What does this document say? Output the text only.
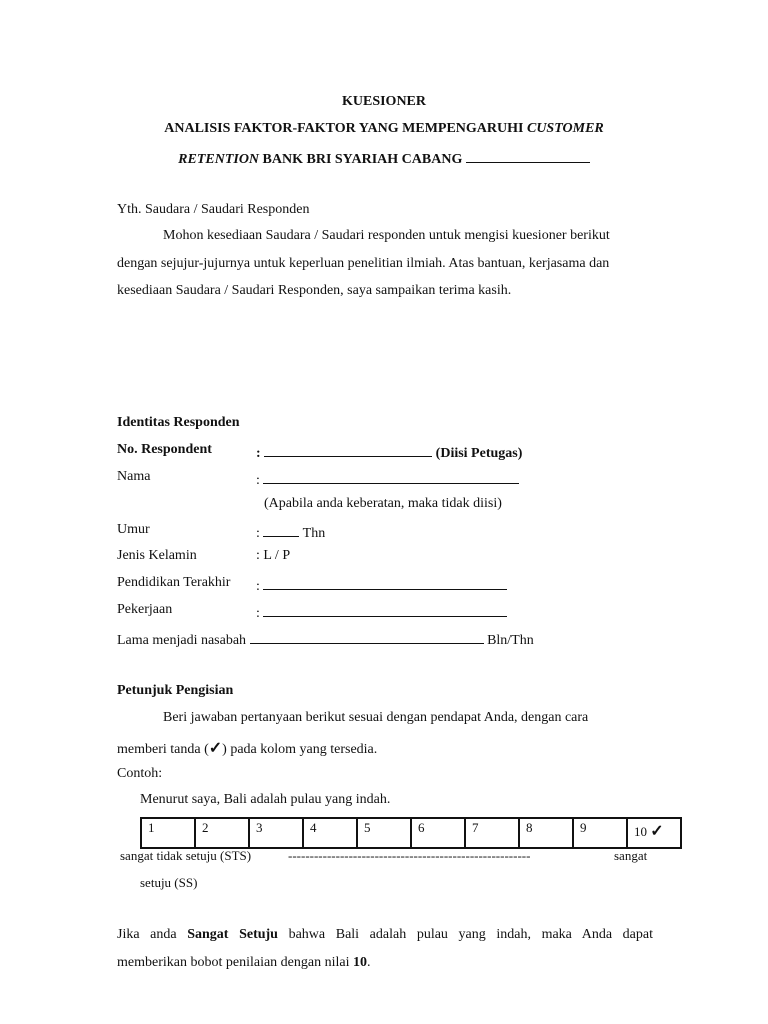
KUESIONER
ANALISIS FAKTOR-FAKTOR YANG MEMPENGARUHI CUSTOMER
RETENTION BANK BRI SYARIAH CABANG
Yth. Saudara / Saudari Responden
Mohon kesediaan Saudara / Saudari responden untuk mengisi kuesioner berikut
dengan sejujur-jujurnya untuk keperluan penelitian ilmiah. Atas bantuan, kerjasama dan
kesediaan Saudara / Saudari Responden, saya sampaikan terima kasih.
Identitas Responden
No. Respondent	:	(Diisi Petugas)
Nama	:
(Apabila anda keberatan, maka tidak diisi)
Umur	:	Thn
Jenis Kelamin	: L / P
Pendidikan Terakhir :
Pekerjaan	:
Lama menjadi nasabah	Bln/Thn
Petunjuk Pengisian
Beri jawaban pertanyaan berikut sesuai dengan pendapat Anda, dengan cara
memberi tanda (✓) pada kolom yang tersedia.
Contoh:
Menurut saya, Bali adalah pulau yang indah.
1	2	3	4	5	6	7	8	9	10 ✓
sangat tidak setuju (STS)	--------------------------------------------------------	sangat
setuju (SS)
Jika anda Sangat Setuju bahwa Bali adalah pulau yang indah, maka Anda dapat
memberikan bobot penilaian dengan nilai 10.
